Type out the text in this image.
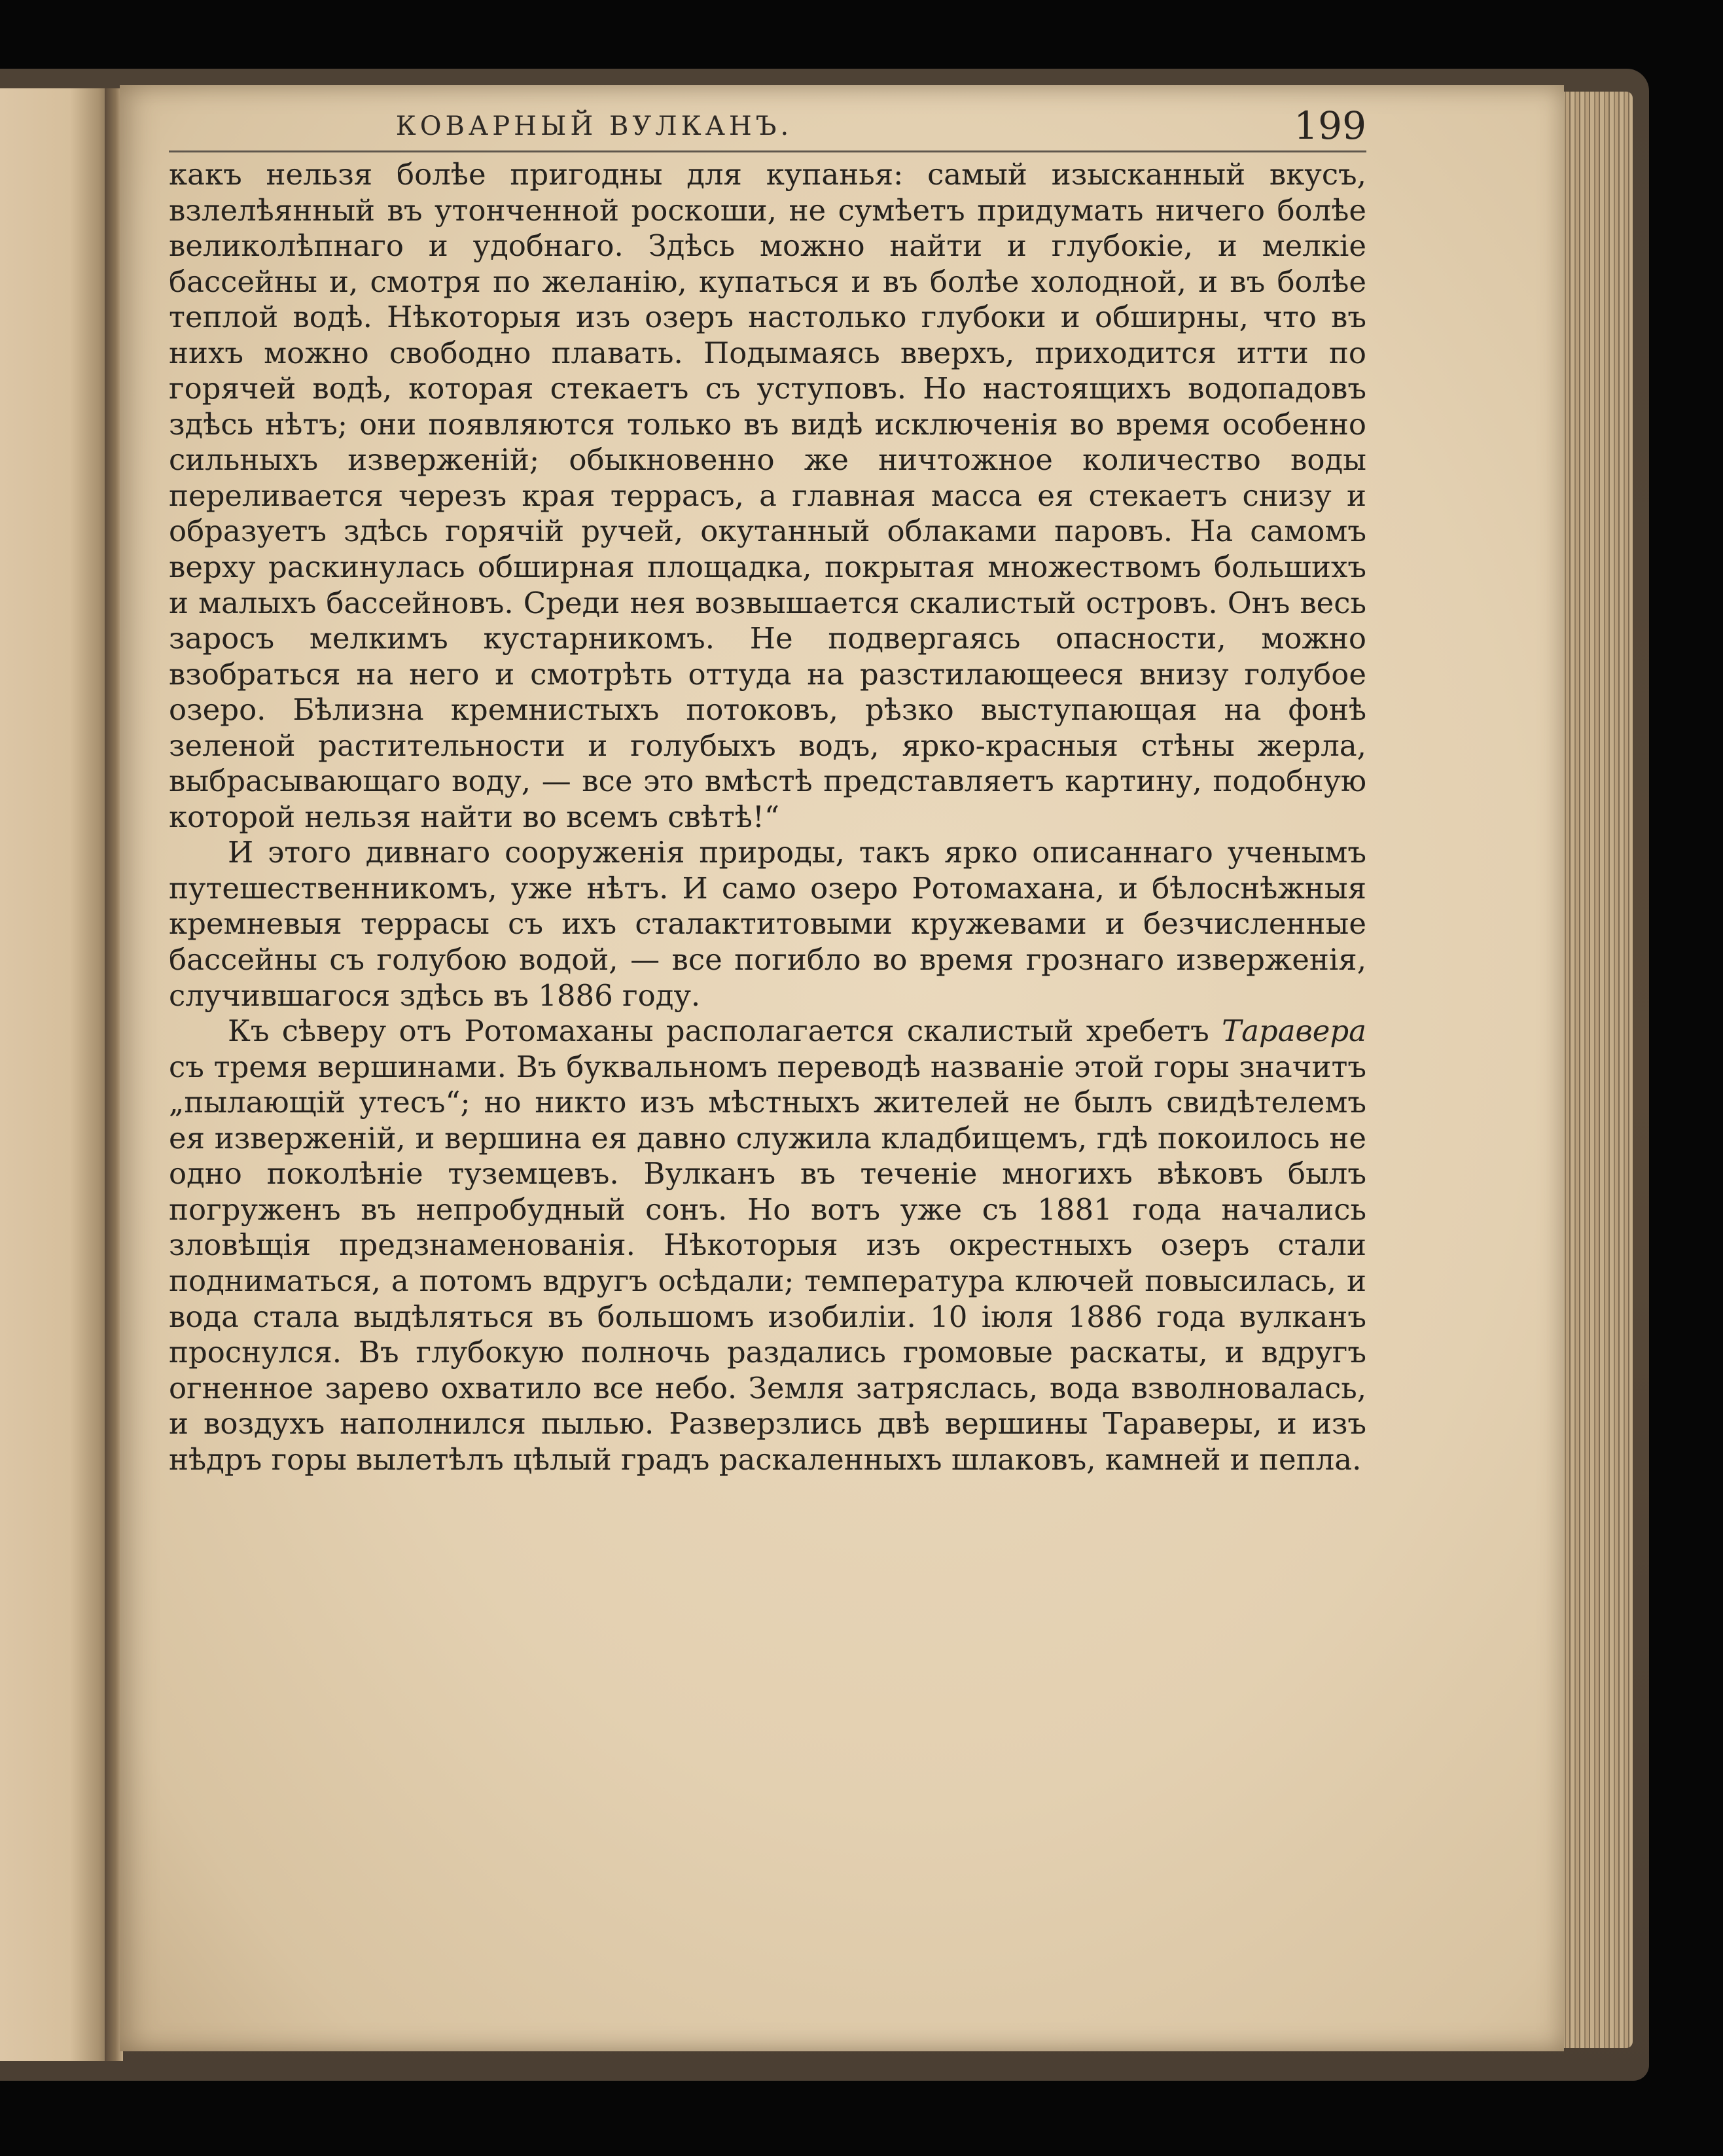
КОВАРНЫЙ ВУЛКАНЪ.	199

какъ нельзя болѣе пригодны для купанья: самый изысканный вкусъ, взлелѣянный въ утонченной роскоши, не сумѣетъ придумать ничего болѣе великолѣпнаго и удобнаго. Здѣсь можно найти и глубокіе, и мелкіе бассейны и, смотря по желанію, купаться и въ болѣе холодной, и въ болѣе теплой водѣ. Нѣкоторыя изъ озеръ настолько глубоки и обширны, что въ нихъ можно свободно плавать. Подымаясь вверхъ, приходится итти по горячей водѣ, которая стекаетъ съ уступовъ. Но настоящихъ водопадовъ здѣсь нѣтъ; они появляются только въ видѣ исключенія во время особенно сильныхъ изверженій; обыкновенно же ничтожное количество воды переливается черезъ края террасъ, а главная масса ея стекаетъ снизу и образуетъ здѣсь горячій ручей, окутанный облаками паровъ. На самомъ верху раскинулась обширная площадка, покрытая множествомъ большихъ и малыхъ бассейновъ. Среди нея возвышается скалистый островъ. Онъ весь заросъ мелкимъ кустарникомъ. Не подвергаясь опасности, можно взобраться на него и смотрѣть оттуда на разстилающееся внизу голубое озеро. Бѣлизна кремнистыхъ потоковъ, рѣзко выступающая на фонѣ зеленой растительности и голубыхъ водъ, ярко-красныя стѣны жерла, выбрасывающаго воду, — все это вмѣстѣ представляетъ картину, подобную которой нельзя найти во всемъ свѣтѣ!“

И этого дивнаго сооруженія природы, такъ ярко описаннаго ученымъ путешественникомъ, уже нѣтъ. И само озеро Ротомахана, и бѣлоснѣжныя кремневыя террасы съ ихъ сталактитовыми кружевами и безчисленные бассейны съ голубою водой, — все погибло во время грознаго изверженія, случившагося здѣсь въ 1886 году.

Къ сѣверу отъ Ротомаханы располагается скалистый хребетъ Таравера съ тремя вершинами. Въ буквальномъ переводѣ названіе этой горы значитъ „пылающій утесъ“; но никто изъ мѣстныхъ жителей не былъ свидѣтелемъ ея изверженій, и вершина ея давно служила кладбищемъ, гдѣ покоилось не одно поколѣніе туземцевъ. Вулканъ въ теченіе многихъ вѣковъ былъ погруженъ въ непробудный сонъ. Но вотъ уже съ 1881 года начались зловѣщія предзнаменованія. Нѣкоторыя изъ окрестныхъ озеръ стали подниматься, а потомъ вдругъ осѣдали; температура ключей повысилась, и вода стала выдѣляться въ большомъ изобиліи. 10 іюля 1886 года вулканъ проснулся. Въ глубокую полночь раздались громовые раскаты, и вдругъ огненное зарево охватило все небо. Земля затряслась, вода взволновалась, и воздухъ наполнился пылью. Разверзлись двѣ вершины Тараверы, и изъ нѣдръ горы вылетѣлъ цѣлый градъ раскаленныхъ шлаковъ, камней и пепла.
